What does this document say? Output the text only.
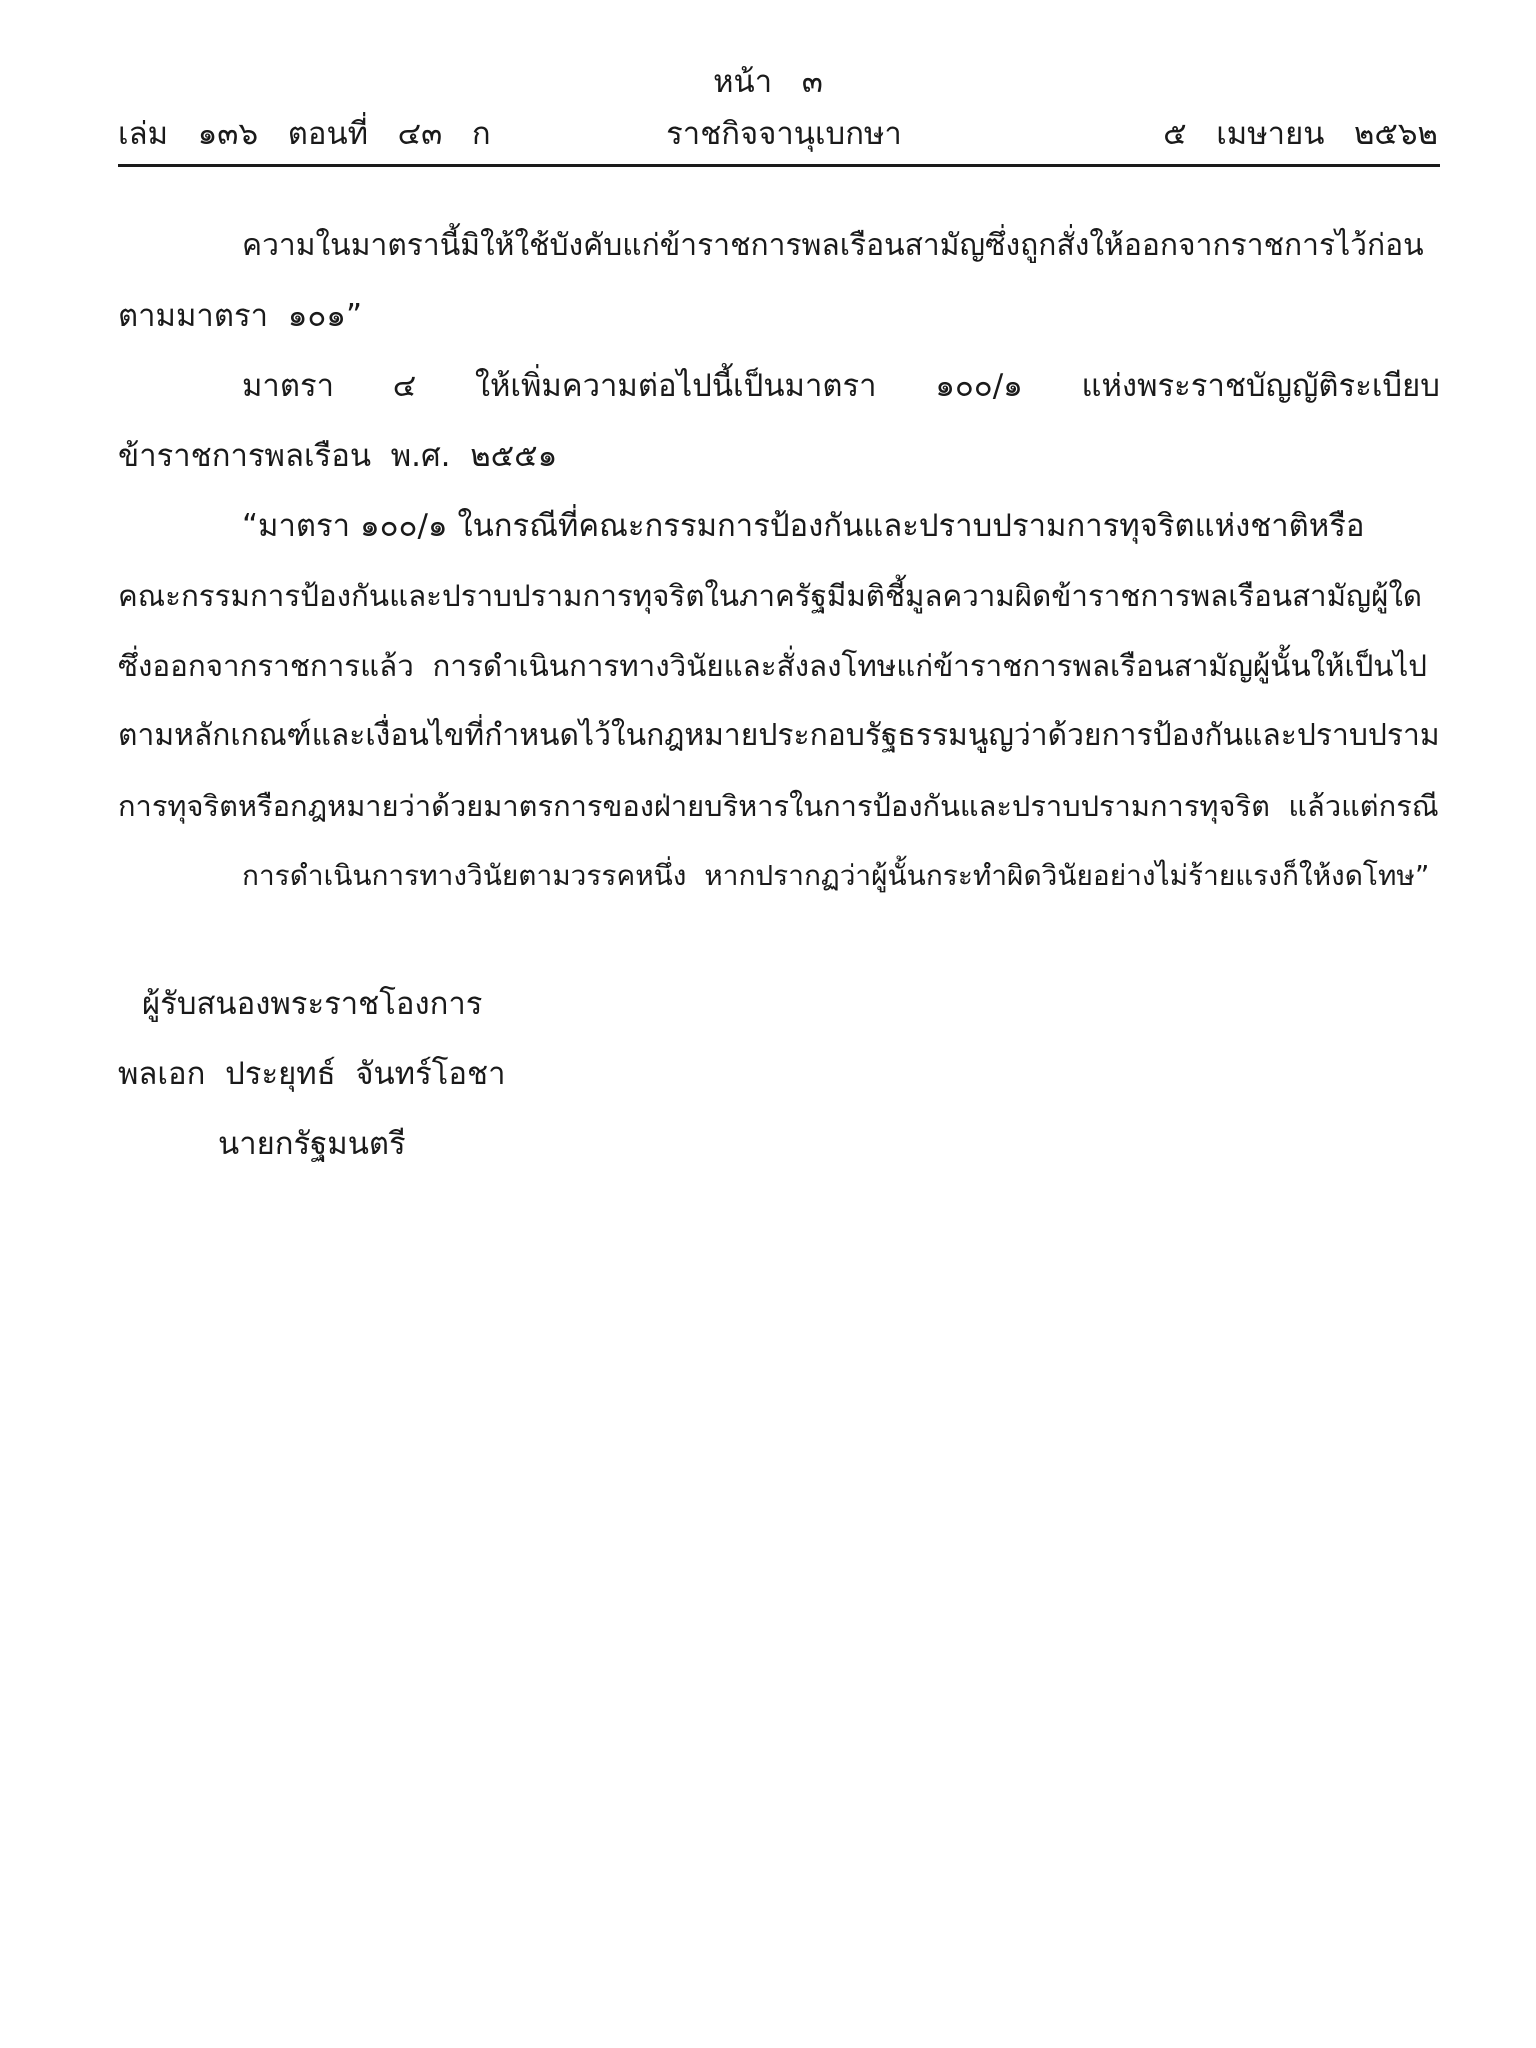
หน้า   ๓
เล่ม   ๑๓๖   ตอนที่   ๔๓   ก	ราชกิจจานุเบกษา	๕   เมษายน   ๒๕๖๒
ความในมาตรานี้มิให้ใช้บังคับแก่ข้าราชการพลเรือนสามัญซึ่งถูกสั่งให้ออกจากราชการไว้ก่อน
ตามมาตรา  ๑๐๑”
มาตรา ๔ ให้เพิ่มความต่อไปนี้เป็นมาตรา ๑๐๐/๑ แห่งพระราชบัญญัติระเบียบ
ข้าราชการพลเรือน  พ.ศ.  ๒๕๕๑
“มาตรา ๑๐๐/๑ ในกรณีที่คณะกรรมการป้องกันและปราบปรามการทุจริตแห่งชาติหรือ
คณะกรรมการป้องกันและปราบปรามการทุจริตในภาครัฐมีมติชี้มูลความผิดข้าราชการพลเรือนสามัญผู้ใด
ซึ่งออกจากราชการแล้ว  การดำเนินการทางวินัยและสั่งลงโทษแก่ข้าราชการพลเรือนสามัญผู้นั้นให้เป็นไป
ตามหลักเกณฑ์และเงื่อนไขที่กำหนดไว้ในกฎหมายประกอบรัฐธรรมนูญว่าด้วยการป้องกันและปราบปราม
การทุจริตหรือกฎหมายว่าด้วยมาตรการของฝ่ายบริหารในการป้องกันและปราบปรามการทุจริต  แล้วแต่กรณี
การดำเนินการทางวินัยตามวรรคหนึ่ง  หากปรากฏว่าผู้นั้นกระทำผิดวินัยอย่างไม่ร้ายแรงก็ให้งดโทษ”
ผู้รับสนองพระราชโองการ
พลเอก  ประยุทธ์  จันทร์โอชา
นายกรัฐมนตรี
